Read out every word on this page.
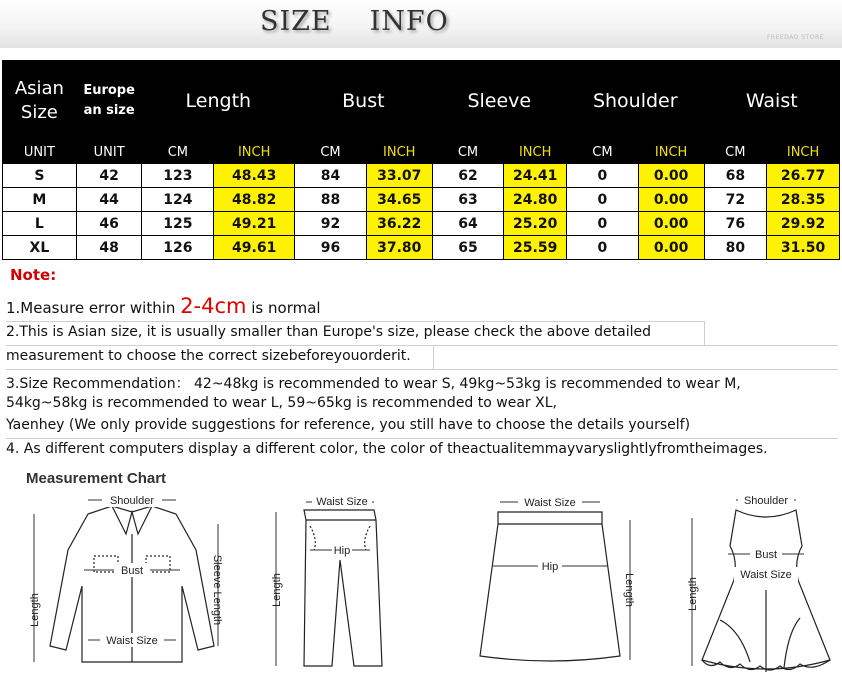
SIZE INFO
FREEDAO STORE
Asian
Size	Europe
an size	Length		Bust		Sleeve		Shoulder		Waist	
UNIT	UNIT	CM	INCH	CM	INCH	CM	INCH	CM	INCH	CM	INCH
S	42	123	48.43	84	33.07	62	24.41	0	0.00	68	26.77
M	44	124	48.82	88	34.65	63	24.80	0	0.00	72	28.35
L	46	125	49.21	92	36.22	64	25.20	0	0.00	76	29.92
XL	48	126	49.61	96	37.80	65	25.59	0	0.00	80	31.50
Note:
1.Measure error within 2-4cm is normal
2.This is Asian size, it is usually smaller than Europe's size, please check the above detailed
measurement to choose the correct sizebeforeyouorderit.
3.Size Recommendation： 42~48kg is recommended to wear S, 49kg~53kg is recommended to wear M,
54kg~58kg is recommended to wear L, 59~65kg is recommended to wear XL,
Yaenhey (We only provide suggestions for reference, you still have to choose the details yourself)
4. As different computers display a different color, the color of theactualitemmayvaryslightlyfromtheimages.
Measurement Chart
Shoulder
Bust
Waist Size
Length	Sleeve Length
Waist Size
Hip
Length
Waist Size
Hip
Length
Shoulder
Bust
Waist Size
Length
